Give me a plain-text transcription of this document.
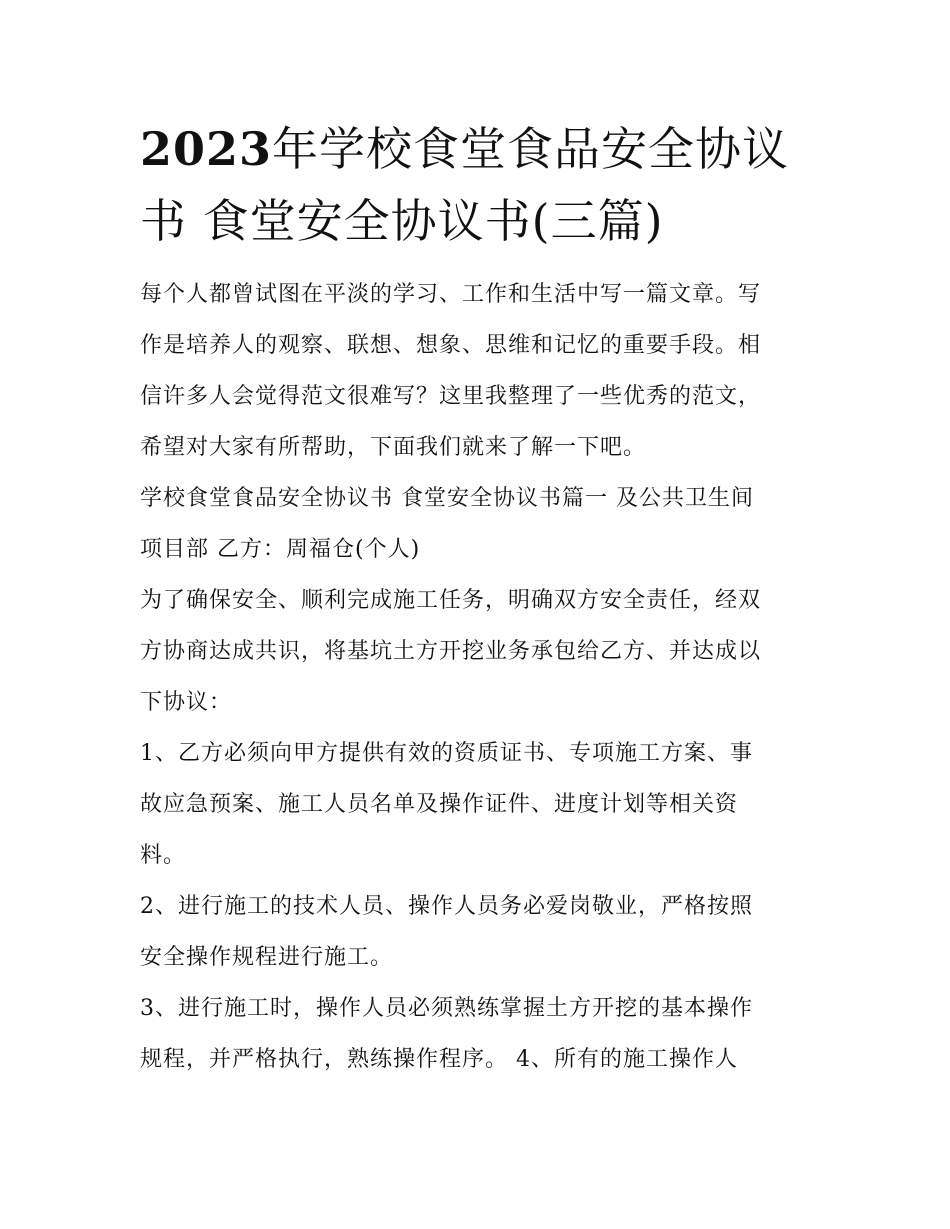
2023年学校食堂食品安全协议
书 食堂安全协议书(三篇)

每个人都曾试图在平淡的学习、工作和生活中写一篇文章。写

作是培养人的观察、联想、想象、思维和记忆的重要手段。相

信许多人会觉得范文很难写？这里我整理了一些优秀的范文，

希望对大家有所帮助，下面我们就来了解一下吧。

学校食堂食品安全协议书 食堂安全协议书篇一 及公共卫生间

项目部 乙方：周福仓(个人)

为了确保安全、顺利完成施工任务，明确双方安全责任，经双

方协商达成共识，将基坑土方开挖业务承包给乙方、并达成以

下协议：

1、乙方必须向甲方提供有效的资质证书、专项施工方案、事

故应急预案、施工人员名单及操作证件、进度计划等相关资

料。

2、进行施工的技术人员、操作人员务必爱岗敬业，严格按照

安全操作规程进行施工。

3、进行施工时，操作人员必须熟练掌握土方开挖的基本操作

规程，并严格执行，熟练操作程序。 4、所有的施工操作人
